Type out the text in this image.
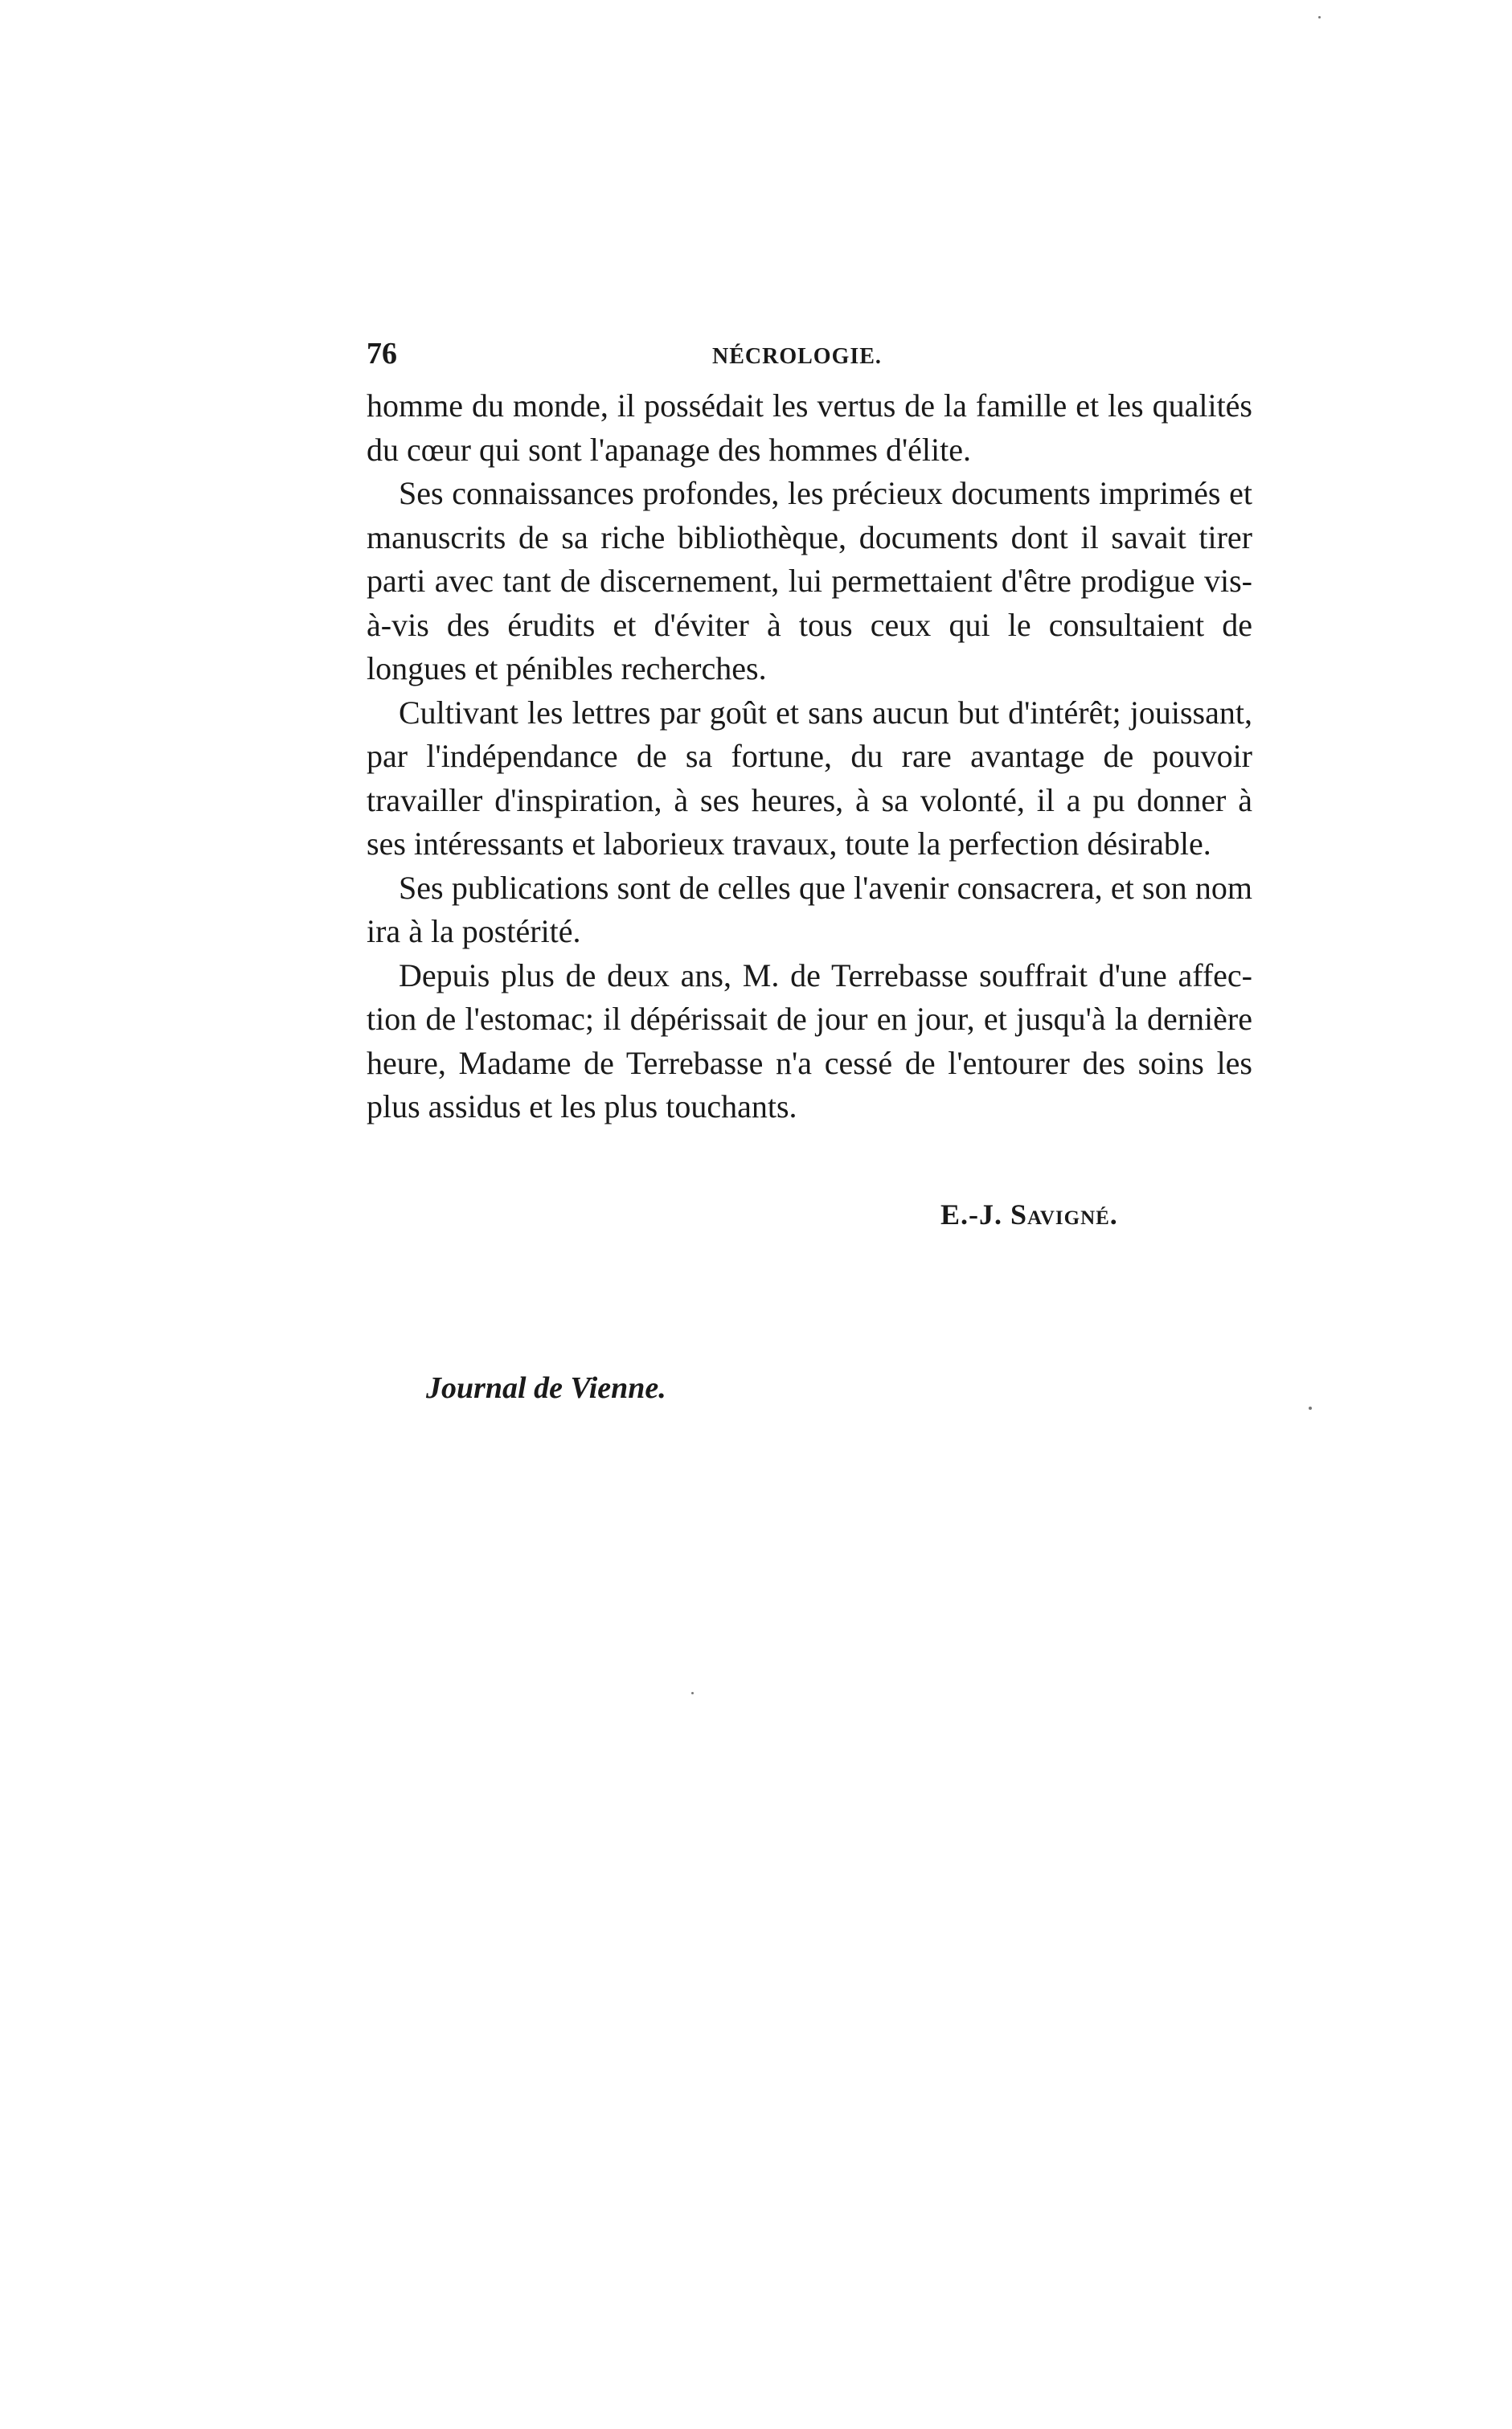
76	NÉCROLOGIE.

homme du monde, il possédait les vertus de la famille et les qualités du cœur qui sont l'apanage des hommes d'élite.

Ses connaissances profondes, les précieux documents imprimés et manuscrits de sa riche bibliothèque, documents dont il savait tirer parti avec tant de discernement, lui permettaient d'être prodigue vis-à-vis des érudits et d'éviter à tous ceux qui le consultaient de longues et pénibles recherches.

Cultivant les lettres par goût et sans aucun but d'intérêt; jouissant, par l'indépendance de sa fortune, du rare avantage de pouvoir travailler d'inspiration, à ses heures, à sa volonté, il a pu donner à ses intéressants et laborieux travaux, toute la perfection désirable.

Ses publications sont de celles que l'avenir consacrera, et son nom ira à la postérité.

Depuis plus de deux ans, M. de Terrebasse souffrait d'une affection de l'estomac; il dépérissait de jour en jour, et jusqu'à la dernière heure, Madame de Terrebasse n'a cessé de l'entourer des soins les plus assidus et les plus touchants.

E.-J. Savigné.
Journal de Vienne.
